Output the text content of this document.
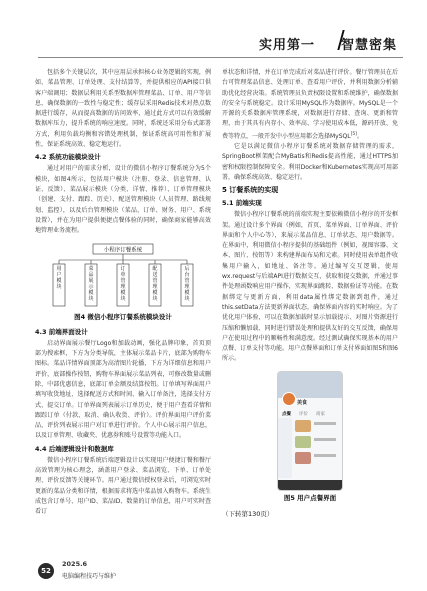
实用第一 智慧密集

包括多个关键层次，其中应用层承担核心业务逻辑的实现，例如，菜品管理、订单处理、支付结算等，并提供相应的API接口供客户端调用；数据层利用关系型数据库管理菜品、订单、用户等信息，确保数据的一致性与稳定性；缓存层采用Redis技术对热点数据进行缓存，从而提高数据的访问效率，通过此方式可以有效缓解数据库压力，提升系统的响应速度。同时，系统还采用分布式部署方式，利用负载均衡和容错处理机制，保证系统高可用性和扩展性，保证系统高效、稳定地运行。

4.2 系统功能模块设计

通过对用户的需求分析，设计的微信小程序订餐系统分为5个模块，如图4所示，包括用户模块（注册、登录、信息管理、认证、反馈）、菜品展示模块（分类、详情、推荐）、订单管理模块（创建、支付、跟踪、历史）、配送管理模块（人员管理、路线规划、监控），以及后台管理模块（菜品、订单、财务、用户、系统设置），并在为用户提供便捷点餐体验的同时，确保商家能够高效地管理业务流程。

小程序订餐系统
用
户
模
块
菜
品
展
示
模
块
订
单
管
理
模
块
配
送
管
理
模
块
后
台
管
理
模
块
图4 微信小程序订餐系统模块设计
4.3 前端界面设计

启动界面展示餐厅Logo和加载动画，强化品牌印象，首页顶部为搜索框，下方为分类导航，主体展示菜品卡片，底部为购物车图标。菜品详情界面顶部为高清图片轮播，下方为详细信息和用户评价，底部操作按钮，购物车界面展示菜品列表，可修改数量或删除，中部优惠信息，底部订单金额及结算按钮。订单填写界面用户填写收货地址、选择配送方式和时间、输入订单备注，选择支付方式、提交订单。订单界面列表展示订单历史，便于用户查看详情和跟踪订单（付款、取消、确认收货、评价）。评价界面用户评价菜品，评价列表展示用户对订单进行评价。个人中心展示用户信息，以及订单管理、收藏夹、优惠券和账号设置等功能入口。

4.4 后端逻辑设计和数据库

微信小程序订餐系统后端逻辑设计以实现用户便捷订餐和餐厅高效管理为核心理念，涵盖用户登录、菜品浏览、下单、订单处理、评价反馈等关键环节。用户通过微信授权登录后，可浏览实时更新的菜品分类和详情，根据需求将选中菜品加入购物车。系统生成包含订单号、用户ID、菜品ID、数量的订单信息，用户可实时查看订

单状态和详情，并在订单完成后对菜品进行评价。餐厅管理员在后台可管理菜品信息、处理订单、查看用户评价，并利用数据分析辅助优化经营决策。系统管理员负责权限设置和系统维护，确保数据的安全与系统稳定。设计采用MySQL作为数据库。MySQL是一个开源的关系数据库管理系统，对数据进行存储、查询、更新和管理，由于其具有内存小、效率高、学习使用成本低，源码开放、免费等特点，一般开发中小型应用都会选择MySQL[5]。

它是以满足微信小程序订餐系统对数据存储管理的需求，SpringBoot框架配合MyBatis和Redis提高性能，通过HTTPS加密和权限控制保障安全。利用Docker和Kubernetes实现高可用部署，确保系统高效、稳定运行。

5 订餐系统的实现
5.1 前端实现

微信小程序订餐系统的前端实现主要依赖微信小程序的开发框架。通过设计多个界面（例如，首页、菜单界面、订单界面、评价界面和个人中心等），来展示菜品信息、订单状态、用户数据等。在界面中，利用微信小程序提供的基础组件（例如，视图容器、文本、图片、按钮等）来构建界面布局和元素。同时使用表单组件收集用户输入，如地址、备注等。通过编写交互逻辑，使用wx.request与后端API进行数据交互，获取和提交数据，并通过事件处理函数响应用户操作，实现界面跳转、数据验证等功能。在数据绑定与更新方面，利用data属性绑定数据到组件，通过this.setData方法更新界面状态，确保界面内容的实时响应。为了优化用户体验，可以在数据加载时显示加载提示、对图片资源进行压缩和懒加载、同时进行错误处理和提供友好的交互反馈，确保用户在使用过程中的顺畅性和满意度。经过测试确保实现基本的用户点餐、订单支付等功能。用户点餐界面和订单支付界面如图5和图6所示。

美食
点餐 评价 商家
图5 用户点餐界面
（下转第130页）
52
2025.6
电脑编程技巧与维护
